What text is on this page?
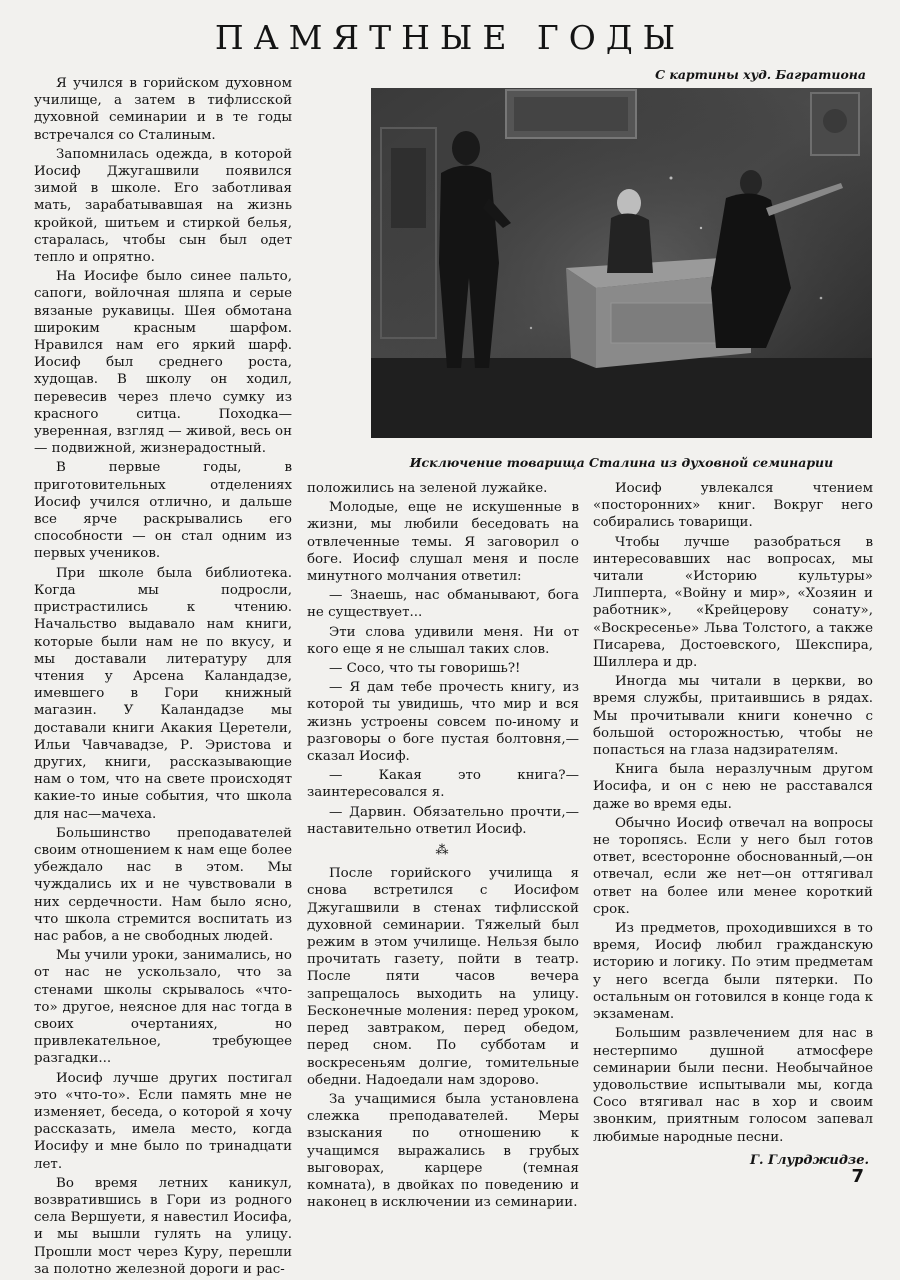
ПАМЯТНЫЕ ГОДЫ
С картины худ. Багратиона
Исключение товарища Сталина из духовной семинарии

Я учился в горийском духовном училище, а затем в тифлисской духовной семинарии и в те годы встречался со Сталиным.

Запомнилась одежда, в которой Иосиф Джугашвили появился зимой в школе. Его заботливая мать, зарабатывавшая на жизнь кройкой, шитьем и стиркой белья, старалась, чтобы сын был одет тепло и опрятно.

На Иосифе было синее пальто, сапоги, войлочная шляпа и серые вязаные рукавицы. Шея обмотана широким красным шарфом. Нравился нам его яркий шарф. Иосиф был среднего роста, худощав. В школу он ходил, перевесив через плечо сумку из красного ситца. Походка—уверенная, взгляд — живой, весь он — подвижной, жизнерадостный.

В первые годы, в приготовительных отделениях Иосиф учился отлично, и дальше все ярче раскрывались его способности — он стал одним из первых учеников.

При школе была библиотека. Когда мы подросли, пристрастились к чтению. Начальство выдавало нам книги, которые были нам не по вкусу, и мы доставали литературу для чтения у Арсена Каландадзе, имевшего в Гори книжный магазин. У Каландадзе мы доставали книги Акакия Церетели, Ильи Чавчавадзе, Р. Эристова и других, книги, рассказывающие нам о том, что на свете происходят какие-то иные события, что школа для нас—мачеха.

Большинство преподавателей своим отношением к нам еще более убеждало нас в этом. Мы чуждались их и не чувствовали в них сердечности. Нам было ясно, что школа стремится воспитать из нас рабов, а не свободных людей.

Мы учили уроки, занимались, но от нас не ускользало, что за стенами школы скрывалось «что-то» другое, неясное для нас тогда в своих очертаниях, но привлекательное, требующее разгадки...

Иосиф лучше других постигал это «что-то». Если память мне не изменяет, беседа, о которой я хочу рассказать, имела место, когда Иосифу и мне было по тринадцати лет.

Во время летних каникул, возвратившись в Гори из родного села Вершуети, я навестил Иосифа, и мы вышли гулять на улицу. Прошли мост через Куру, перешли за полотно железной дороги и рас-

положились на зеленой лужайке.

Молодые, еще не искушенные в жизни, мы любили беседовать на отвлеченные темы. Я заговорил о боге. Иосиф слушал меня и после минутного молчания ответил:

— Знаешь, нас обманывают, бога не существует...

Эти слова удивили меня. Ни от кого еще я не слышал таких слов.

— Сосо, что ты говоришь?!

— Я дам тебе прочесть книгу, из которой ты увидишь, что мир и вся жизнь устроены совсем по-иному и разговоры о боге пустая болтовня,—сказал Иосиф.

— Какая это книга?—заинтересовался я.

— Дарвин. Обязательно прочти,—наставительно ответил Иосиф.

⁂

После горийского училища я снова встретился с Иосифом Джугашвили в стенах тифлисской духовной семинарии. Тяжелый был режим в этом училище. Нельзя было прочитать газету, пойти в театр. После пяти часов вечера запрещалось выходить на улицу. Бесконечные моления: перед уроком, перед завтраком, перед обедом, перед сном. По субботам и воскресеньям долгие, томительные обедни. Надоедали нам здорово.

За учащимися была установлена слежка преподавателей. Меры взыскания по отношению к учащимся выражались в грубых выговорах, карцере (темная комната), в двойках по поведению и наконец в исключении из семинарии.

Иосиф увлекался чтением «посторонних» книг. Вокруг него собирались товарищи.

Чтобы лучше разобраться в интересовавших нас вопросах, мы читали «Историю культуры» Липперта, «Войну и мир», «Хозяин и работник», «Крейцерову сонату», «Воскресенье» Льва Толстого, а также Писарева, Достоевского, Шекспира, Шиллера и др.

Иногда мы читали в церкви, во время службы, притаившись в рядах. Мы прочитывали книги конечно с большой осторожностью, чтобы не попасться на глаза надзирателям.

Книга была неразлучным другом Иосифа, и он с нею не расставался даже во время еды.

Обычно Иосиф отвечал на вопросы не торопясь. Если у него был готов ответ, всесторонне обоснованный,—он отвечал, если же нет—он оттягивал ответ на более или менее короткий срок.

Из предметов, проходившихся в то время, Иосиф любил гражданскую историю и логику. По этим предметам у него всегда были пятерки. По остальным он готовился в конце года к экзаменам.

Большим развлечением для нас в нестерпимо душной атмосфере семинарии были песни. Необычайное удовольствие испытывали мы, когда Сосо втягивал нас в хор и своим звонким, приятным голосом запевал любимые народные песни.

Г. Глурджидзе.
7
